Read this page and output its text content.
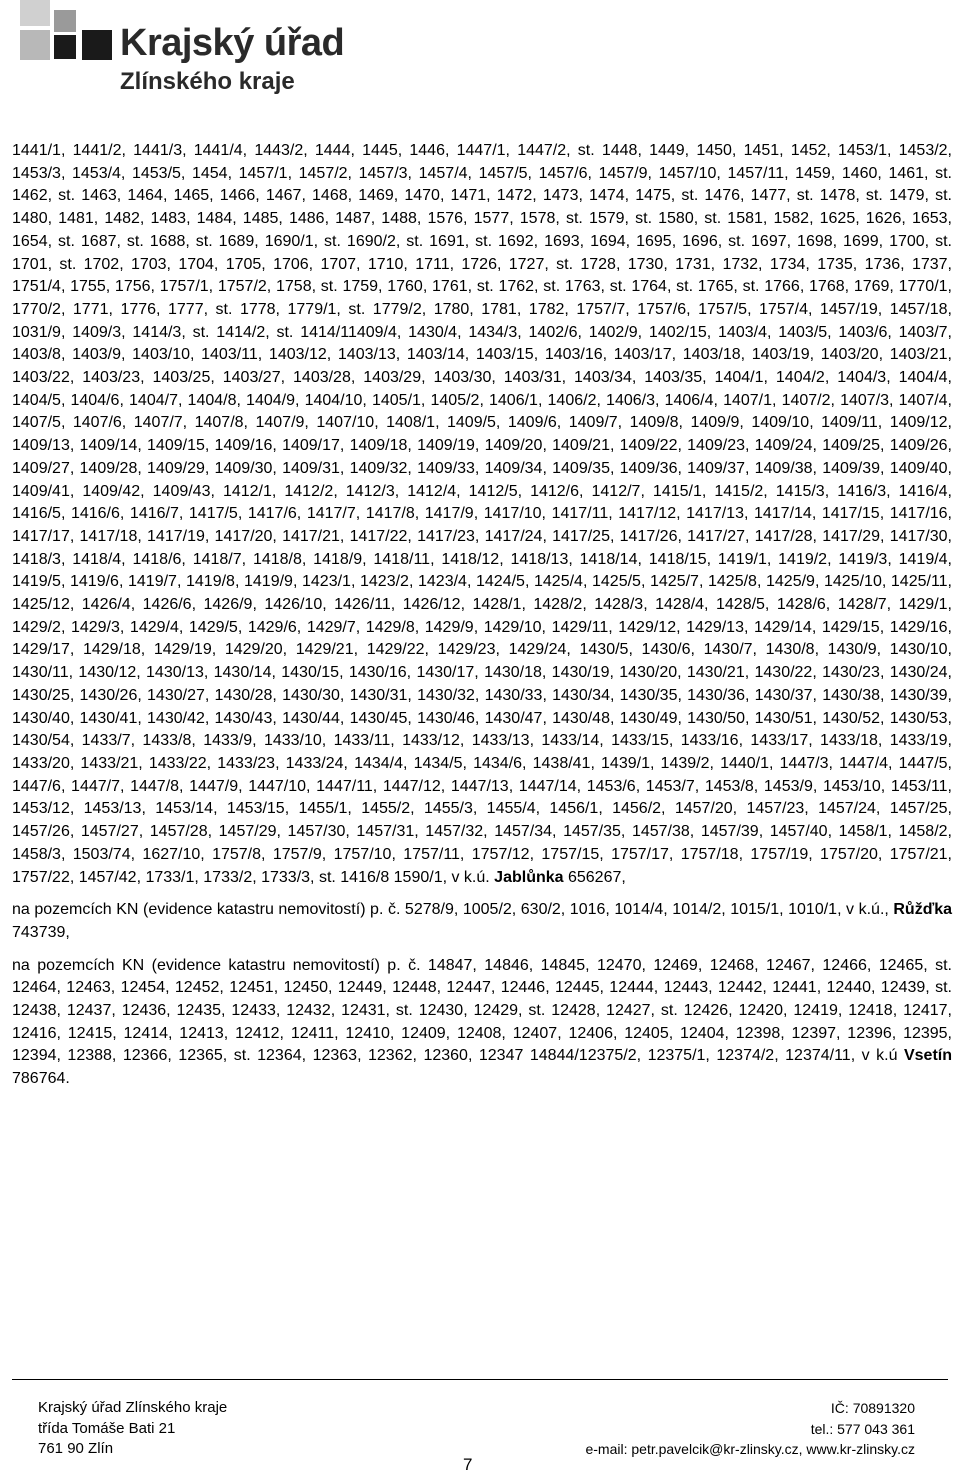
Krajský úřad
Zlínského kraje

1441/1, 1441/2, 1441/3, 1441/4, 1443/2, 1444, 1445, 1446, 1447/1, 1447/2, st. 1448, 1449, 1450, 1451, 1452, 1453/1, 1453/2, 1453/3, 1453/4, 1453/5, 1454, 1457/1, 1457/2, 1457/3, 1457/4, 1457/5, 1457/6, 1457/9, 1457/10, 1457/11, 1459, 1460, 1461, st. 1462, st. 1463, 1464, 1465, 1466, 1467, 1468, 1469, 1470, 1471, 1472, 1473, 1474, 1475, st. 1476, 1477, st. 1478, st. 1479, st. 1480, 1481, 1482, 1483, 1484, 1485, 1486, 1487, 1488, 1576, 1577, 1578, st. 1579, st. 1580, st. 1581, 1582, 1625, 1626, 1653, 1654, st. 1687, st. 1688, st. 1689, 1690/1, st. 1690/2, st. 1691, st. 1692, 1693, 1694, 1695, 1696, st. 1697, 1698, 1699, 1700, st. 1701, st. 1702, 1703, 1704, 1705, 1706, 1707, 1710, 1711, 1726, 1727, st. 1728, 1730, 1731, 1732, 1734, 1735, 1736, 1737, 1751/4, 1755, 1756, 1757/1, 1757/2, 1758, st. 1759, 1760, 1761, st. 1762, st. 1763, st. 1764, st. 1765, st. 1766, 1768, 1769, 1770/1, 1770/2, 1771, 1776, 1777, st. 1778, 1779/1, st. 1779/2, 1780, 1781, 1782, 1757/7, 1757/6, 1757/5, 1757/4, 1457/19, 1457/18, 1031/9, 1409/3, 1414/3, st. 1414/2, st. 1414/11409/4, 1430/4, 1434/3, 1402/6, 1402/9, 1402/15, 1403/4, 1403/5, 1403/6, 1403/7, 1403/8, 1403/9, 1403/10, 1403/11, 1403/12, 1403/13, 1403/14, 1403/15, 1403/16, 1403/17, 1403/18, 1403/19, 1403/20, 1403/21, 1403/22, 1403/23, 1403/25, 1403/27, 1403/28, 1403/29, 1403/30, 1403/31, 1403/34, 1403/35, 1404/1, 1404/2, 1404/3, 1404/4, 1404/5, 1404/6, 1404/7, 1404/8, 1404/9, 1404/10, 1405/1, 1405/2, 1406/1, 1406/2, 1406/3, 1406/4, 1407/1, 1407/2, 1407/3, 1407/4, 1407/5, 1407/6, 1407/7, 1407/8, 1407/9, 1407/10, 1408/1, 1409/5, 1409/6, 1409/7, 1409/8, 1409/9, 1409/10, 1409/11, 1409/12, 1409/13, 1409/14, 1409/15, 1409/16, 1409/17, 1409/18, 1409/19, 1409/20, 1409/21, 1409/22, 1409/23, 1409/24, 1409/25, 1409/26, 1409/27, 1409/28, 1409/29, 1409/30, 1409/31, 1409/32, 1409/33, 1409/34, 1409/35, 1409/36, 1409/37, 1409/38, 1409/39, 1409/40, 1409/41, 1409/42, 1409/43, 1412/1, 1412/2, 1412/3, 1412/4, 1412/5, 1412/6, 1412/7, 1415/1, 1415/2, 1415/3, 1416/3, 1416/4, 1416/5, 1416/6, 1416/7, 1417/5, 1417/6, 1417/7, 1417/8, 1417/9, 1417/10, 1417/11, 1417/12, 1417/13, 1417/14, 1417/15, 1417/16, 1417/17, 1417/18, 1417/19, 1417/20, 1417/21, 1417/22, 1417/23, 1417/24, 1417/25, 1417/26, 1417/27, 1417/28, 1417/29, 1417/30, 1418/3, 1418/4, 1418/6, 1418/7, 1418/8, 1418/9, 1418/11, 1418/12, 1418/13, 1418/14, 1418/15, 1419/1, 1419/2, 1419/3, 1419/4, 1419/5, 1419/6, 1419/7, 1419/8, 1419/9, 1423/1, 1423/2, 1423/4, 1424/5, 1425/4, 1425/5, 1425/7, 1425/8, 1425/9, 1425/10, 1425/11, 1425/12, 1426/4, 1426/6, 1426/9, 1426/10, 1426/11, 1426/12, 1428/1, 1428/2, 1428/3, 1428/4, 1428/5, 1428/6, 1428/7, 1429/1, 1429/2, 1429/3, 1429/4, 1429/5, 1429/6, 1429/7, 1429/8, 1429/9, 1429/10, 1429/11, 1429/12, 1429/13, 1429/14, 1429/15, 1429/16, 1429/17, 1429/18, 1429/19, 1429/20, 1429/21, 1429/22, 1429/23, 1429/24, 1430/5, 1430/6, 1430/7, 1430/8, 1430/9, 1430/10, 1430/11, 1430/12, 1430/13, 1430/14, 1430/15, 1430/16, 1430/17, 1430/18, 1430/19, 1430/20, 1430/21, 1430/22, 1430/23, 1430/24, 1430/25, 1430/26, 1430/27, 1430/28, 1430/30, 1430/31, 1430/32, 1430/33, 1430/34, 1430/35, 1430/36, 1430/37, 1430/38, 1430/39, 1430/40, 1430/41, 1430/42, 1430/43, 1430/44, 1430/45, 1430/46, 1430/47, 1430/48, 1430/49, 1430/50, 1430/51, 1430/52, 1430/53, 1430/54, 1433/7, 1433/8, 1433/9, 1433/10, 1433/11, 1433/12, 1433/13, 1433/14, 1433/15, 1433/16, 1433/17, 1433/18, 1433/19, 1433/20, 1433/21, 1433/22, 1433/23, 1433/24, 1434/4, 1434/5, 1434/6, 1438/41, 1439/1, 1439/2, 1440/1, 1447/3, 1447/4, 1447/5, 1447/6, 1447/7, 1447/8, 1447/9, 1447/10, 1447/11, 1447/12, 1447/13, 1447/14, 1453/6, 1453/7, 1453/8, 1453/9, 1453/10, 1453/11, 1453/12, 1453/13, 1453/14, 1453/15, 1455/1, 1455/2, 1455/3, 1455/4, 1456/1, 1456/2, 1457/20, 1457/23, 1457/24, 1457/25, 1457/26, 1457/27, 1457/28, 1457/29, 1457/30, 1457/31, 1457/32, 1457/34, 1457/35, 1457/38, 1457/39, 1457/40, 1458/1, 1458/2, 1458/3, 1503/74, 1627/10, 1757/8, 1757/9, 1757/10, 1757/11, 1757/12, 1757/15, 1757/17, 1757/18, 1757/19, 1757/20, 1757/21, 1757/22, 1457/42, 1733/1, 1733/2, 1733/3, st. 1416/8 1590/1, v k.ú. Jablůnka 656267,

na pozemcích KN (evidence katastru nemovitostí) p. č. 5278/9, 1005/2, 630/2, 1016, 1014/4, 1014/2, 1015/1, 1010/1, v k.ú., Růžďka 743739,

na pozemcích KN (evidence katastru nemovitostí) p. č. 14847, 14846, 14845, 12470, 12469, 12468, 12467, 12466, 12465, st. 12464, 12463, 12454, 12452, 12451, 12450, 12449, 12448, 12447, 12446, 12445, 12444, 12443, 12442, 12441, 12440, 12439, st. 12438, 12437, 12436, 12435, 12433, 12432, 12431, st. 12430, 12429, st. 12428, 12427, st. 12426, 12420, 12419, 12418, 12417, 12416, 12415, 12414, 12413, 12412, 12411, 12410, 12409, 12408, 12407, 12406, 12405, 12404, 12398, 12397, 12396, 12395, 12394, 12388, 12366, 12365, st. 12364, 12363, 12362, 12360, 12347 14844/12375/2, 12375/1, 12374/2, 12374/11, v k.ú Vsetín 786764.

Krajský úřad Zlínského kraje
třída Tomáše Bati 21
761 90 Zlín
IČ: 70891320
tel.: 577 043 361
e-mail: petr.pavelcik@kr-zlinsky.cz, www.kr-zlinsky.cz
7
